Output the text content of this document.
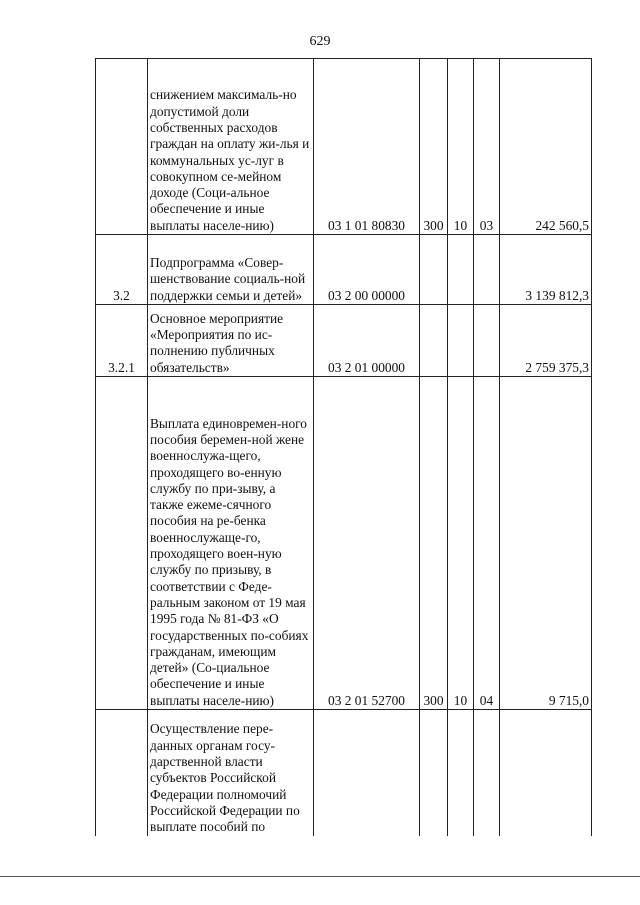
629
	снижением максималь-но допустимой доли собственных расходов граждан на оплату жи-лья и коммунальных ус-луг в совокупном се-мейном доходе (Соци-альное обеспечение и иные выплаты населе-нию)	03 1 01 80830	300	10	03	242 560,5
3.2	Подпрограмма «Совер-шенствование социаль-ной поддержки семьи и детей»	03 2 00 00000				3 139 812,3
3.2.1	Основное мероприятие «Мероприятия по ис-полнению публичных обязательств»	03 2 01 00000				2 759 375,3
	Выплата единовремен-ного пособия беремен-ной жене военнослужа-щего, проходящего во-енную службу по при-зыву, а также ежеме-сячного пособия на ре-бенка военнослужаще-го, проходящего воен-ную службу по призыву, в соответствии с Феде-ральным законом от 19 мая 1995 года № 81-ФЗ «О государственных по-собиях гражданам, имеющим детей» (Со-циальное обеспечение и иные выплаты населе-нию)	03 2 01 52700	300	10	04	9 715,0
	Осуществление пере-данных органам госу-дарственной власти субъектов Российской Федерации полномочий Российской Федерации по выплате пособий по					
